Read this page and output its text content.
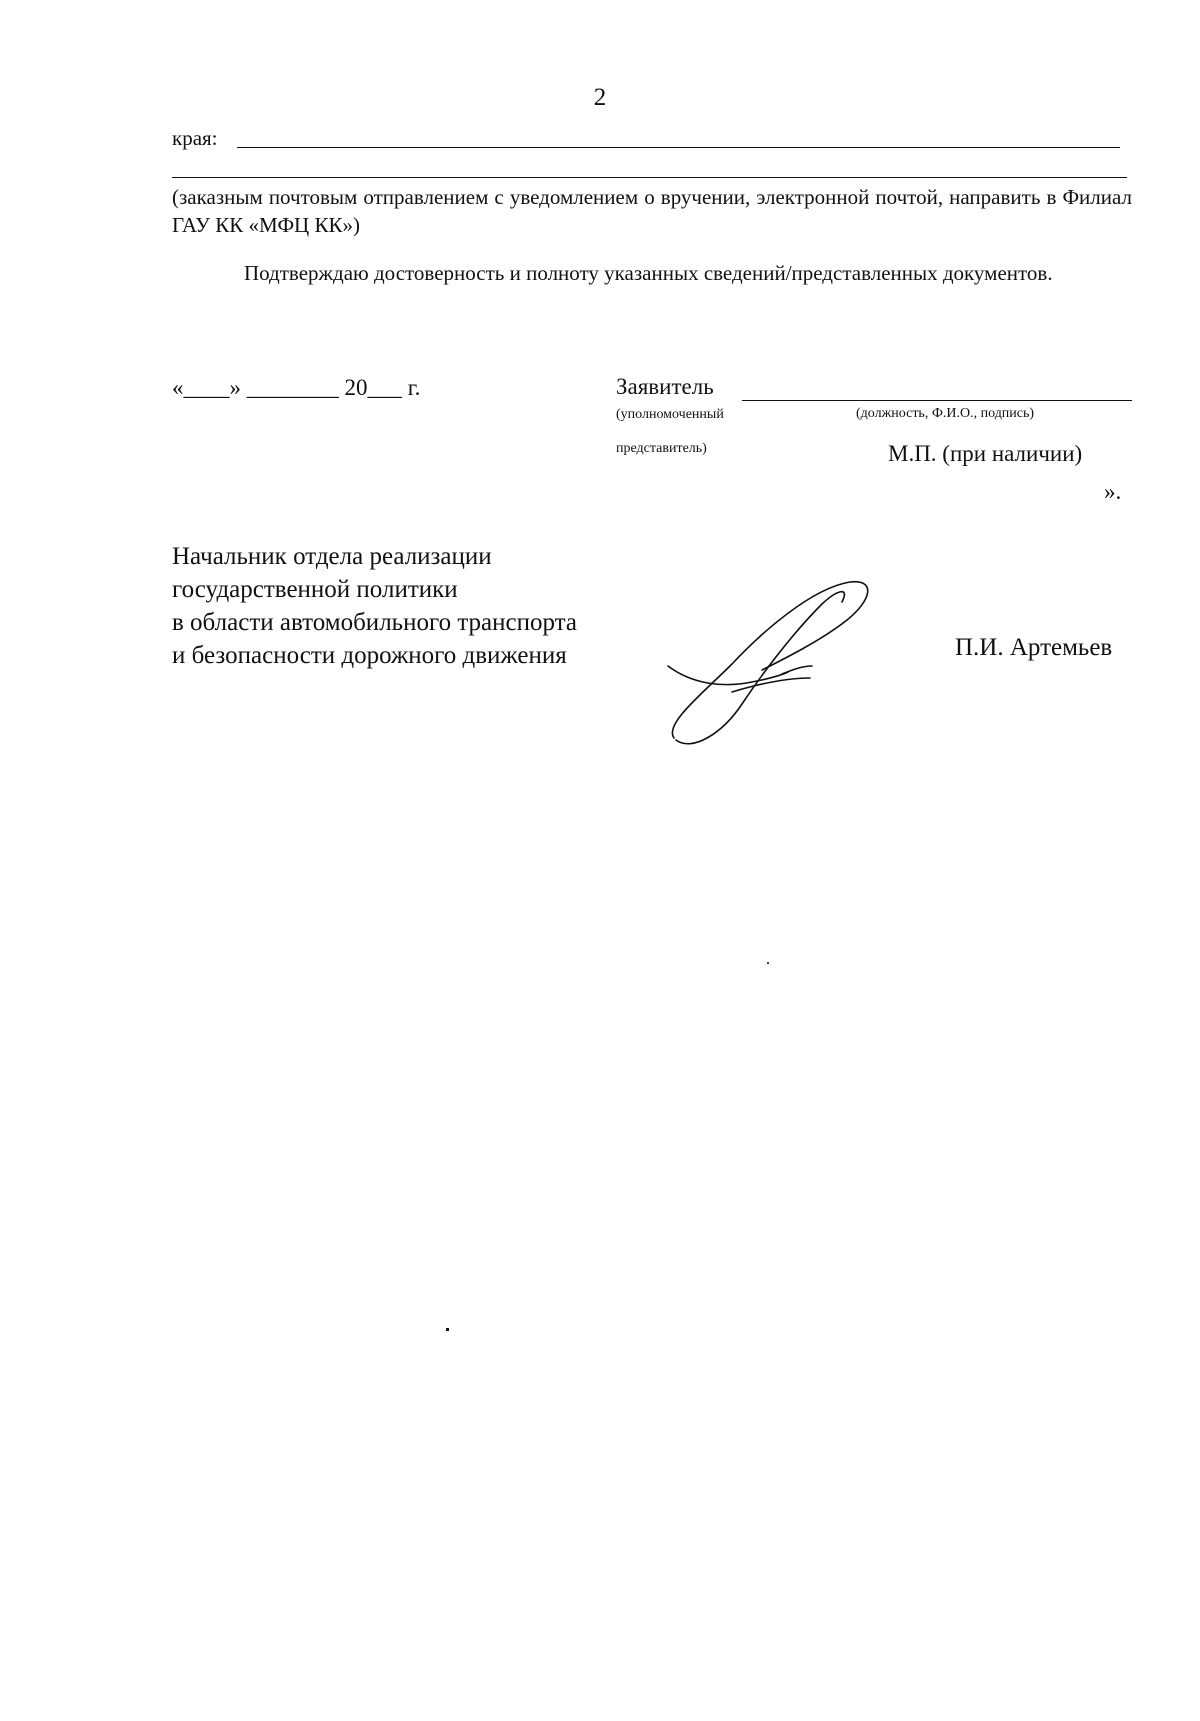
2
края:
(заказным почтовым отправлением с уведомлением о вручении, электронной почтой, направить в Филиал ГАУ КК «МФЦ КК»)
Подтверждаю достоверность и полноту указанных сведений/представленных документов.
«____» ________ 20___ г.	Заявитель
(уполномоченный
представитель)
(должность, Ф.И.О., подпись)
М.П. (при наличии)
».
Начальник отдела реализации
государственной политики
в области автомобильного транспорта
и безопасности дорожного движения	П.И. Артемьев
